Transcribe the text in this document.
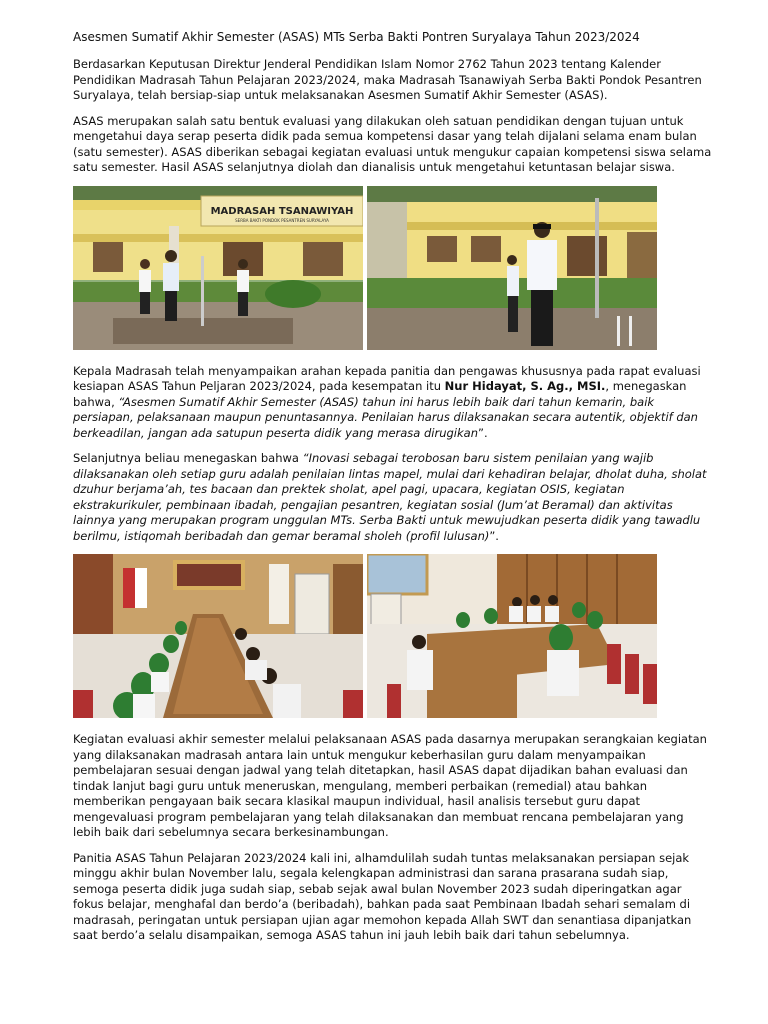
Asesmen Sumatif Akhir Semester (ASAS) MTs Serba Bakti Pontren Suryalaya Tahun 2023/2024

Berdasarkan Keputusan Direktur Jenderal Pendidikan Islam Nomor 2762 Tahun 2023 tentang Kalender Pendidikan Madrasah Tahun Pelajaran 2023/2024, maka Madrasah Tsanawiyah Serba Bakti Pondok Pesantren Suryalaya, telah bersiap-siap untuk melaksanakan Asesmen Sumatif Akhir Semester (ASAS).

ASAS merupakan salah satu bentuk evaluasi yang dilakukan oleh satuan pendidikan dengan tujuan untuk mengetahui daya serap peserta didik pada semua kompetensi dasar yang telah dijalani selama enam bulan (satu semester). ASAS diberikan sebagai kegiatan evaluasi untuk mengukur capaian kompetensi siswa selama satu semester. Hasil ASAS selanjutnya diolah dan dianalisis untuk mengetahui ketuntasan belajar siswa.

MADRASAH TSANAWIYAH
SERBA BAKTI PONDOK PESANTREN SURYALAYA

Kepala Madrasah telah menyampaikan arahan kepada panitia dan pengawas khususnya pada rapat evaluasi kesiapan ASAS Tahun Peljaran 2023/2024, pada kesempatan itu Nur Hidayat, S. Ag., MSI., menegaskan bahwa, “Asesmen Sumatif Akhir Semester (ASAS) tahun ini harus lebih baik dari tahun kemarin, baik persiapan, pelaksanaan maupun penuntasannya. Penilaian harus dilaksanakan secara autentik, objektif dan berkeadilan, jangan ada satupun peserta didik yang merasa dirugikan”.

Selanjutnya beliau menegaskan bahwa “Inovasi sebagai terobosan baru sistem penilaian yang wajib dilaksanakan oleh setiap guru adalah penilaian lintas mapel, mulai dari kehadiran belajar, dholat duha, sholat dzuhur berjama’ah, tes bacaan dan prektek sholat, apel pagi, upacara, kegiatan OSIS, kegiatan ekstrakurikuler, pembinaan ibadah, pengajian pesantren, kegiatan sosial (Jum’at Beramal) dan aktivitas lainnya yang merupakan program unggulan MTs. Serba Bakti untuk mewujudkan peserta didik yang tawadlu berilmu, istiqomah beribadah dan gemar beramal sholeh (profil lulusan)”.

Kegiatan evaluasi akhir semester melalui pelaksanaan ASAS pada dasarnya merupakan serangkaian kegiatan yang dilaksanakan madrasah antara lain untuk mengukur keberhasilan guru dalam menyampaikan pembelajaran sesuai dengan jadwal yang telah ditetapkan, hasil ASAS dapat dijadikan bahan evaluasi dan tindak lanjut bagi guru untuk meneruskan, mengulang, memberi perbaikan (remedial) atau bahkan memberikan pengayaan baik secara klasikal maupun individual, hasil analisis tersebut guru dapat mengevaluasi program pembelajaran yang telah dilaksanakan dan membuat rencana pembelajaran yang lebih baik dari sebelumnya secara berkesinambungan.

Panitia ASAS Tahun Pelajaran 2023/2024 kali ini, alhamdulilah sudah tuntas melaksanakan persiapan sejak minggu akhir bulan November lalu, segala kelengkapan administrasi dan sarana prasarana sudah siap, semoga peserta didik juga sudah siap, sebab sejak awal bulan November 2023 sudah diperingatkan agar fokus belajar, menghafal dan berdo’a (beribadah), bahkan pada saat Pembinaan Ibadah sehari semalam di madrasah, peringatan untuk persiapan ujian agar memohon kepada Allah SWT dan senantiasa dipanjatkan saat berdo’a selalu disampaikan, semoga ASAS tahun ini jauh lebih baik dari tahun sebelumnya.
